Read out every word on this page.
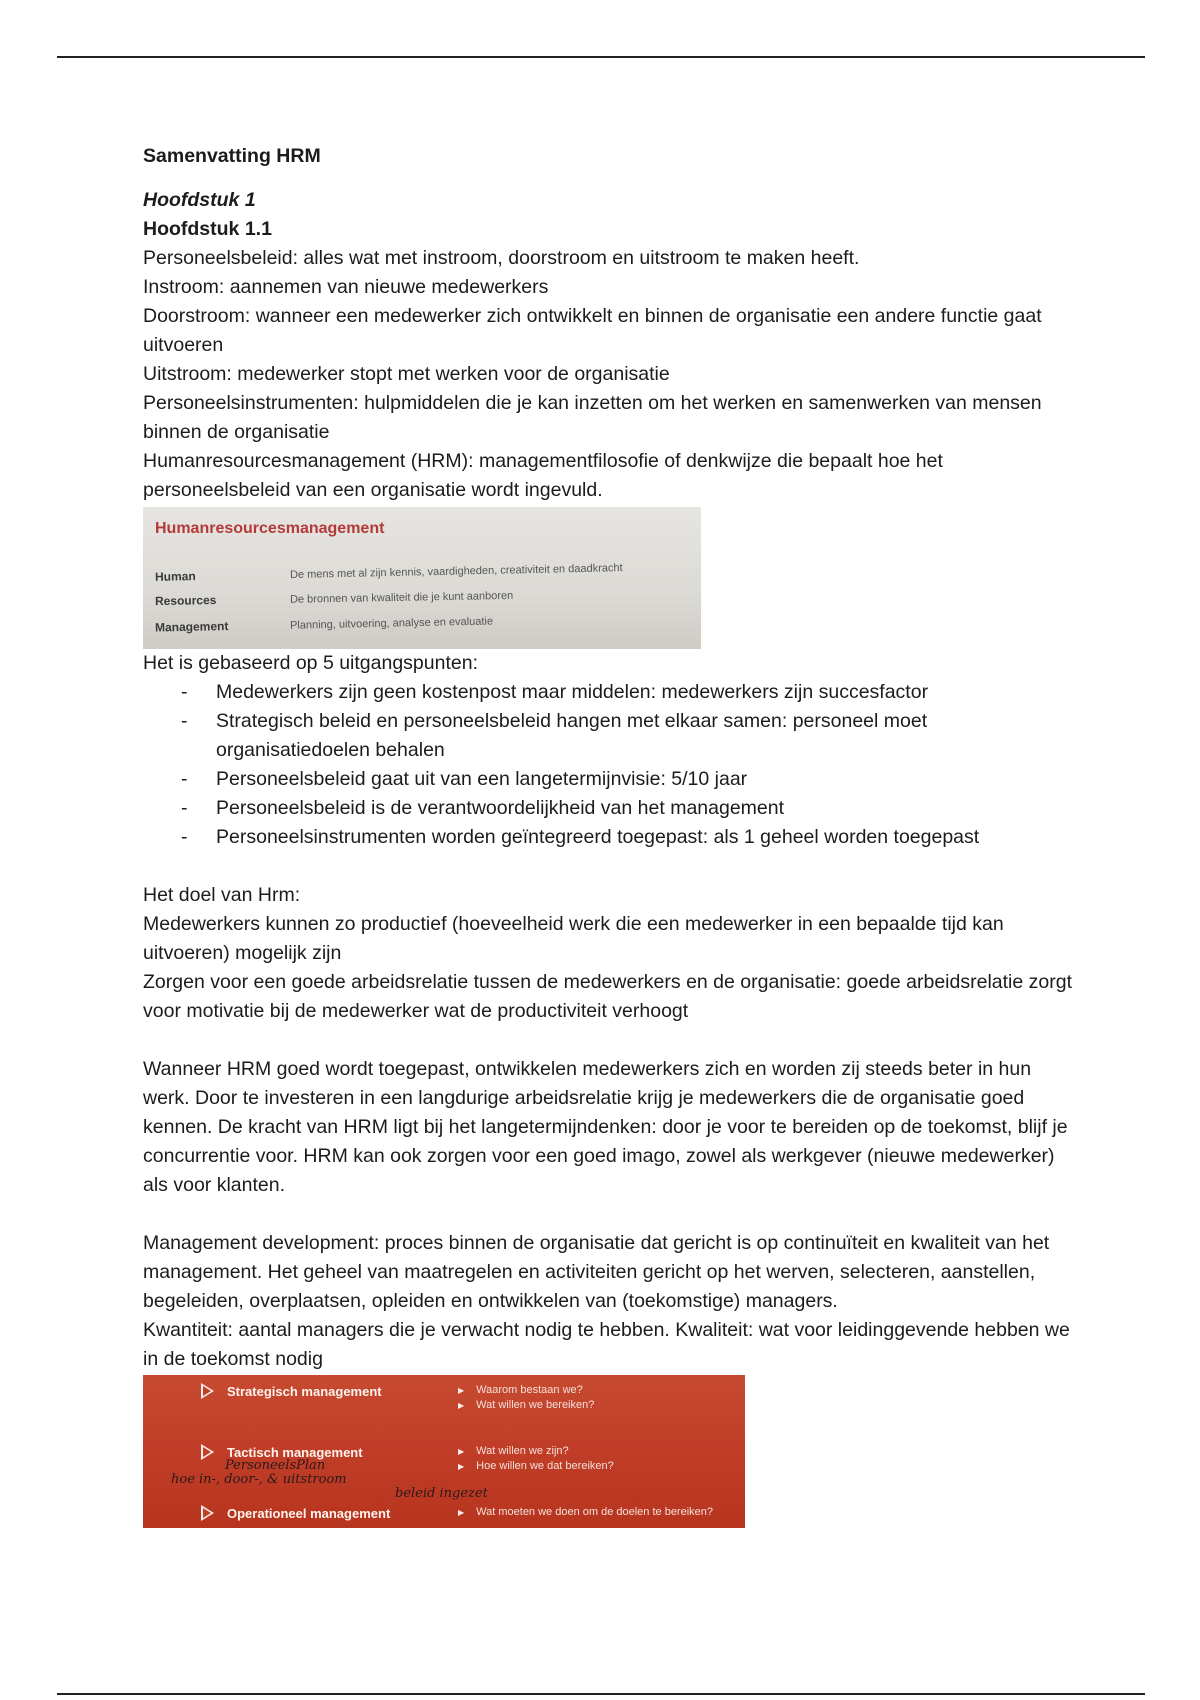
Samenvatting HRM

Hoofdstuk 1

Hoofdstuk 1.1

Personeelsbeleid: alles wat met instroom, doorstroom en uitstroom te maken heeft.

Instroom: aannemen van nieuwe medewerkers

Doorstroom: wanneer een medewerker zich ontwikkelt en binnen de organisatie een andere functie gaat uitvoeren

Uitstroom: medewerker stopt met werken voor de organisatie

Personeelsinstrumenten: hulpmiddelen die je kan inzetten om het werken en samenwerken van mensen binnen de organisatie

Humanresourcesmanagement (HRM): managementfilosofie of denkwijze die bepaalt hoe het personeelsbeleid van een organisatie wordt ingevuld.

Humanresourcesmanagement
Human	De mens met al zijn kennis, vaardigheden, creativiteit en daadkracht
Resources	De bronnen van kwaliteit die je kunt aanboren
Management	Planning, uitvoering, analyse en evaluatie

Het is gebaseerd op 5 uitgangspunten:

- Medewerkers zijn geen kostenpost maar middelen: medewerkers zijn succesfactor
- Strategisch beleid en personeelsbeleid hangen met elkaar samen: personeel moet organisatiedoelen behalen
- Personeelsbeleid gaat uit van een langetermijnvisie: 5/10 jaar
- Personeelsbeleid is de verantwoordelijkheid van het management
- Personeelsinstrumenten worden geïntegreerd toegepast: als 1 geheel worden toegepast

Het doel van Hrm:

Medewerkers kunnen zo productief (hoeveelheid werk die een medewerker in een bepaalde tijd kan uitvoeren) mogelijk zijn

Zorgen voor een goede arbeidsrelatie tussen de medewerkers en de organisatie: goede arbeidsrelatie zorgt voor motivatie bij de medewerker wat de productiviteit verhoogt

Wanneer HRM goed wordt toegepast, ontwikkelen medewerkers zich en worden zij steeds beter in hun werk. Door te investeren in een langdurige arbeidsrelatie krijg je medewerkers die de organisatie goed kennen. De kracht van HRM ligt bij het langetermijndenken: door je voor te bereiden op de toekomst, blijf je concurrentie voor. HRM kan ook zorgen voor een goed imago, zowel als werkgever (nieuwe medewerker) als voor klanten.

Management development: proces binnen de organisatie dat gericht is op continuïteit en kwaliteit van het management. Het geheel van maatregelen en activiteiten gericht op het werven, selecteren, aanstellen, begeleiden, overplaatsen, opleiden en ontwikkelen van (toekomstige) managers.

Kwantiteit: aantal managers die je verwacht nodig te hebben. Kwaliteit: wat voor leidinggevende hebben we in de toekomst nodig

Strategisch management	▶ Waarom bestaan we?
▶ Wat willen we bereiken?
Tactisch management	▶ Wat willen we zijn?
▶ Hoe willen we dat bereiken?
PersoneelsPlan
hoe in-, door-, & uitstroom
beleid ingezet
Operationeel management	▶ Wat moeten we doen om de doelen te bereiken?
